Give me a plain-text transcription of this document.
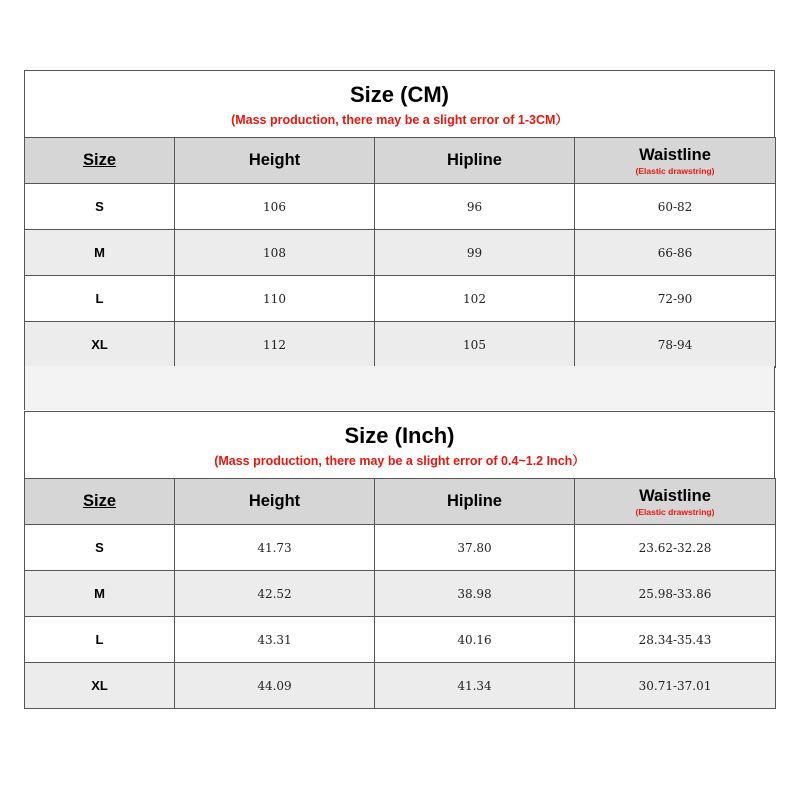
Size (CM)
(Mass production, there may be a slight error of 1-3CM）
Size	Height	Hipline	Waistline
(Elastic drawstring)

S	106	96	60-82
M	108	99	66-86
L	110	102	72-90
XL	112	105	78-94
Size (Inch)
(Mass production, there may be a slight error of 0.4~1.2 Inch）
Size	Height	Hipline	Waistline
(Elastic drawstring)

S	41.73	37.80	23.62-32.28
M	42.52	38.98	25.98-33.86
L	43.31	40.16	28.34-35.43
XL	44.09	41.34	30.71-37.01
